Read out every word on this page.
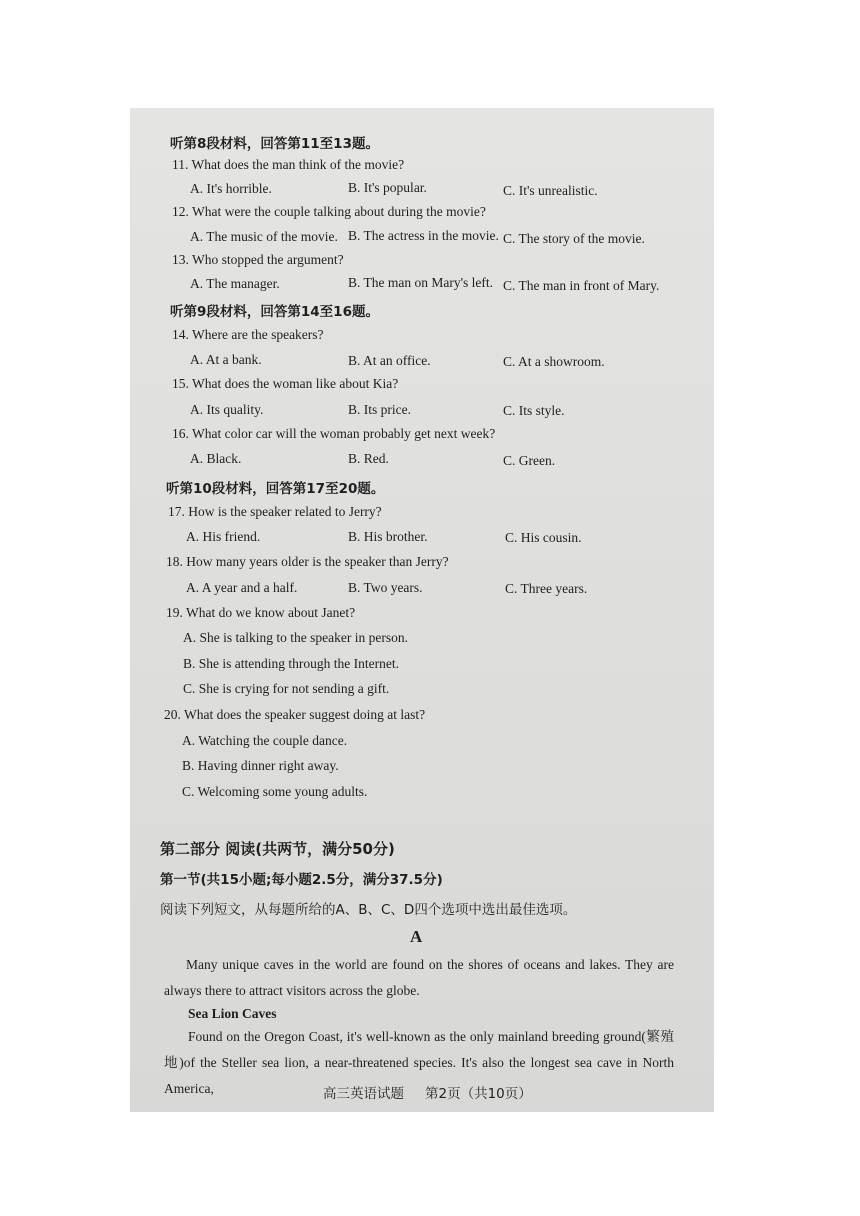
听第8段材料，回答第11至13题。
11. What does the man think of the movie?
A. It's horrible.	B. It's popular.	C. It's unrealistic.
12. What were the couple talking about during the movie?
A. The music of the movie. B. The actress in the movie. C. The story of the movie.
13. Who stopped the argument?
A. The manager.	B. The man on Mary's left. C. The man in front of Mary.
听第9段材料，回答第14至16题。
14. Where are the speakers?
A. At a bank.	B. At an office.	C. At a showroom.
15. What does the woman like about Kia?
A. Its quality.	B. Its price.	C. Its style.
16. What color car will the woman probably get next week?
A. Black.	B. Red.	C. Green.
听第10段材料，回答第17至20题。
17. How is the speaker related to Jerry?
A. His friend.	B. His brother.	C. His cousin.
18. How many years older is the speaker than Jerry?
A. A year and a half.	B. Two years.	C. Three years.
19. What do we know about Janet?
A. She is talking to the speaker in person.
B. She is attending through the Internet.
C. She is crying for not sending a gift.
20. What does the speaker suggest doing at last?
A. Watching the couple dance.
B. Having dinner right away.
C. Welcoming some young adults.
第二部分 阅读(共两节，满分50分)
第一节(共15小题;每小题2.5分，满分37.5分)
阅读下列短文，从每题所给的A、B、C、D四个选项中选出最佳选项。
A
Many unique caves in the world are found on the shores of oceans and lakes. They are always there to attract visitors across the globe.
Sea Lion Caves
Found on the Oregon Coast, it's well-known as the only mainland breeding ground(繁殖地)of the Steller sea lion, a near-threatened species. It's also the longest sea cave in North America,	高三英语试题 第2页（共10页）
